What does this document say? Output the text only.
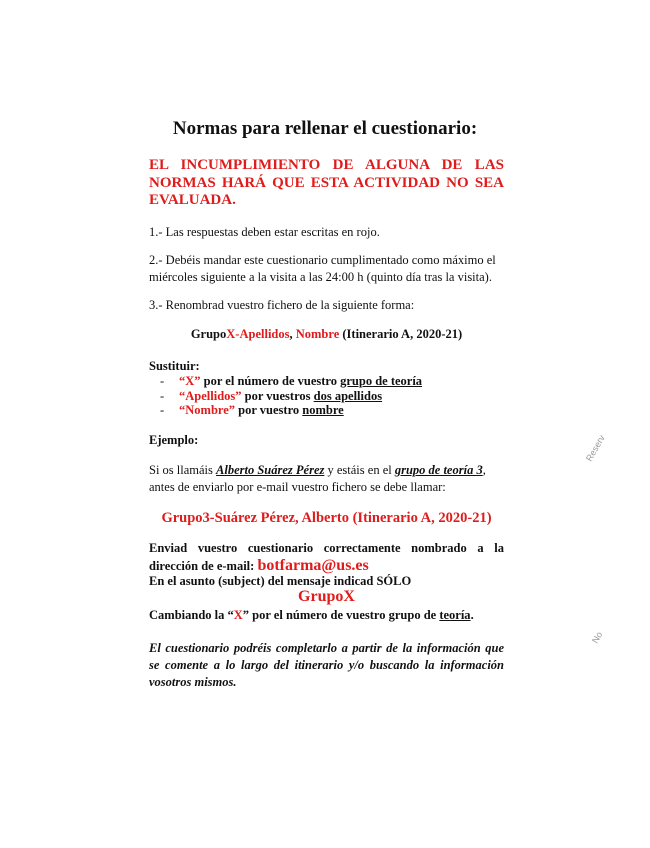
Normas para rellenar el cuestionario:
EL INCUMPLIMIENTO DE ALGUNA DE LAS NORMAS HARÁ QUE ESTA ACTIVIDAD NO SEA EVALUADA.
1.- Las respuestas deben estar escritas en rojo.
2.- Debéis mandar este cuestionario cumplimentado como máximo el miércoles siguiente a la visita a las 24:00 h (quinto día tras la visita).
3.- Renombrad vuestro fichero de la siguiente forma:
GrupoX-Apellidos, Nombre (Itinerario A, 2020-21)
Sustituir:
- “X” por el número de vuestro grupo de teoría
- “Apellidos” por vuestros dos apellidos
- “Nombre” por vuestro nombre
Ejemplo:
Si os llamáis Alberto Suárez Pérez y estáis en el grupo de teoría 3, antes de enviarlo por e-mail vuestro fichero se debe llamar:
Grupo3-Suárez Pérez, Alberto (Itinerario A, 2020-21)
Enviad vuestro cuestionario correctamente nombrado a la dirección de e-mail: botfarma@us.es
En el asunto (subject) del mensaje indicad SÓLO
GrupoX
Cambiando la “X” por el número de vuestro grupo de teoría.
El cuestionario podréis completarlo a partir de la información que se comente a lo largo del itinerario y/o buscando la información vosotros mismos.
Reserv
No
